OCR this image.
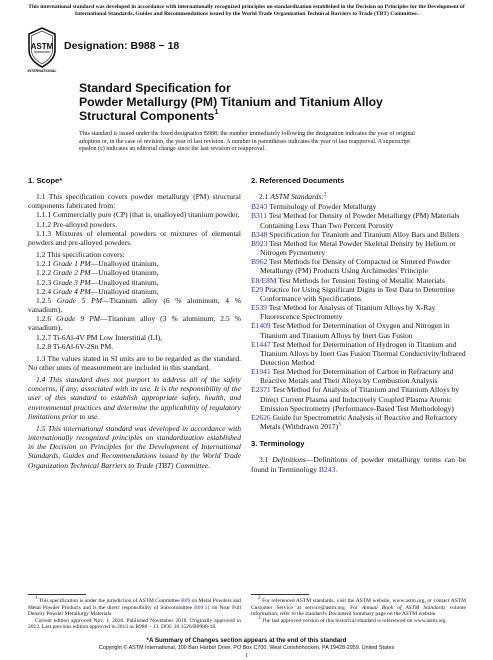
This international standard was developed in accordance with internationally recognized principles on standardization established in the Decision on Principles for the Development of International Standards, Guides and Recommendations issued by the World Trade Organization Technical Barriers to Trade (TBT) Committee.
ASTM
INTERNATIONAL
Designation: B988 − 18
Standard Specification for
Powder Metallurgy (PM) Titanium and Titanium Alloy
Structural Components$^1$
This standard is issued under the fixed designation B988; the number immediately following the designation indicates the year of original adoption or, in the case of revision, the year of last revision. A number in parentheses indicates the year of last reapproval. A superscript epsilon (ε) indicates an editorial change since the last revision or reapproval.
1. Scope*

1.1 This specification covers powder metallurgy (PM) structural components fabricated from:

1.1.1 Commercially pure (CP) (that is, unalloyed) titanium powder,

1.1.2 Pre-alloyed powders.

1.1.3 Mixtures of elemental powders or mixtures of elemental powders and pre-alloyed powders.

1.2 This specification covers:

1.2.1 Grade 1 PM—Unalloyed titanium,

1.2.2 Grade 2 PM—Unalloyed titanium,

1.2.3 Grade 3 PM—Unalloyed titanium,

1.2.4 Grade 4 PM—Unalloyed titanium,

1.2.5 Grade 5 PM—Titanium alloy (6 % aluminum, 4 % vanadium),

1.2.6 Grade 9 PM—Titanium alloy (3 % aluminum, 2.5 % vanadium),

1.2.7 Ti-6Al-4V PM Low Interstitial (LI),

1.2.8 Ti-6Al-6V-2Sn PM.

1.3 The values stated in SI units are to be regarded as the standard. No other units of measurement are included in this standard.

1.4 This standard does not purport to address all of the safety concerns, if any, associated with its use. It is the responsibility of the user of this standard to establish appropriate safety, health, and environmental practices and determine the applicability of regulatory limitations prior to use.

1.5 This international standard was developed in accordance with internationally recognized principles on standardization established in the Decision on Principles for the Development of International Standards, Guides and Recommendations issued by the World Trade Organization Technical Barriers to Trade (TBT) Committee.

2. Referenced Documents

2.1 ASTM Standards:$^2$

B243 Terminology of Powder Metallurgy

B311 Test Method for Density of Powder Metallurgy (PM) Materials Containing Less Than Two Percent Porosity

B348 Specification for Titanium and Titanium Alloy Bars and Billets

B923 Test Method for Metal Powder Skeletal Density by Helium or Nitrogen Pycnometry

B962 Test Methods for Density of Compacted or Sintered Powder Metallurgy (PM) Products Using Archimedes' Principle

E8/E8M Test Methods for Tension Testing of Metallic Materials

E29 Practice for Using Significant Digits in Test Data to Determine Conformance with Specifications

E539 Test Method for Analysis of Titanium Alloys by X-Ray Fluorescence Spectrometry

E1409 Test Method for Determination of Oxygen and Nitrogen in Titanium and Titanium Alloys by Inert Gas Fusion

E1447 Test Method for Determination of Hydrogen in Titanium and Titanium Alloys by Inert Gas Fusion Thermal Conductivity/Infrared Detection Method

E1941 Test Method for Determination of Carbon in Refractory and Reactive Metals and Their Alloys by Combustion Analysis

E2371 Test Method for Analysis of Titanium and Titanium Alloys by Direct Current Plasma and Inductively Coupled Plasma Atomic Emission Spectrometry (Performance-Based Test Methodology)

E2626 Guide for Spectrometric Analysis of Reactive and Refractory Metals (Withdrawn 2017)$^3$

3. Terminology

3.1 Definitions—Definitions of powder metallurgy terms can be found in Terminology B243.

$^1$ This specification is under the jurisdiction of ASTM Committee B09 on Metal Powders and Metal Powder Products and is the direct responsibility of Subcommittee B09.11 on Near Full Density Powder Metallurgy Materials.

Current edition approved Nov. 1, 2018. Published November 2018. Originally approved in 2013. Last previous edition approved in 2013 as B988 – 13. DOI: 10.1520/B0988-18.

$^2$ For referenced ASTM standards, visit the ASTM website, www.astm.org, or contact ASTM Customer Service at service@astm.org. For Annual Book of ASTM Standards volume information, refer to the standard's Document Summary page on the ASTM website.

$^3$ The last approved version of this historical standard is referenced on www.astm.org.

*A Summary of Changes section appears at the end of this standard
Copyright © ASTM International, 100 Barr Harbor Drive, PO Box C700, West Conshohocken, PA 19428-2959. United States
1
